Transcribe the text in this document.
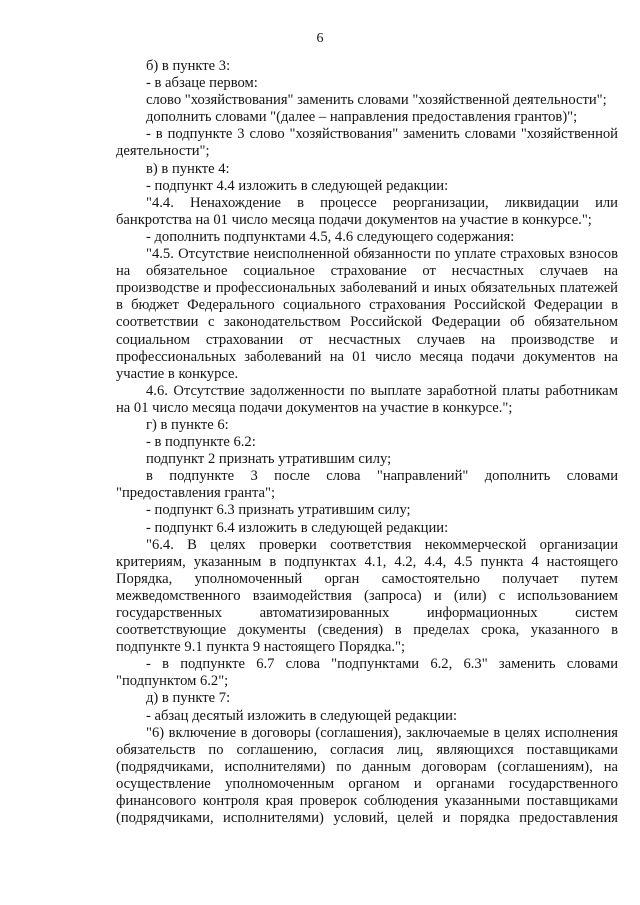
6

б) в пункте 3:

- в абзаце первом:

слово "хозяйствования" заменить словами "хозяйственной деятельности";

дополнить словами "(далее – направления предоставления грантов)";

- в подпункте 3 слово "хозяйствования" заменить словами "хозяйственной деятельности";

в) в пункте 4:

- подпункт 4.4 изложить в следующей редакции:

"4.4. Ненахождение в процессе реорганизации, ликвидации или банкротства на 01 число месяца подачи документов на участие в конкурсе.";

- дополнить подпунктами 4.5, 4.6 следующего содержания:

"4.5. Отсутствие неисполненной обязанности по уплате страховых взносов на обязательное социальное страхование от несчастных случаев на производстве и профессиональных заболеваний и иных обязательных платежей в бюджет Федерального социального страхования Российской Федерации в соответствии с законодательством Российской Федерации об обязательном социальном страховании от несчастных случаев на производстве и профессиональных заболеваний на 01 число месяца подачи документов на участие в конкурсе.

4.6. Отсутствие задолженности по выплате заработной платы работникам на 01 число месяца подачи документов на участие в конкурсе.";

г) в пункте 6:

- в подпункте 6.2:

подпункт 2 признать утратившим силу;

в подпункте 3 после слова "направлений" дополнить словами "предоставления гранта";

- подпункт 6.3 признать утратившим силу;

- подпункт 6.4 изложить в следующей редакции:

"6.4. В целях проверки соответствия некоммерческой организации критериям, указанным в подпунктах 4.1, 4.2, 4.4, 4.5 пункта 4 настоящего Порядка, уполномоченный орган самостоятельно получает путем межведомственного взаимодействия (запроса) и (или) с использованием государственных автоматизированных информационных систем соответствующие документы (сведения) в пределах срока, указанного в подпункте 9.1 пункта 9 настоящего Порядка.";

- в подпункте 6.7 слова "подпунктами 6.2, 6.3" заменить словами "подпунктом 6.2";

д) в пункте 7:

- абзац десятый изложить в следующей редакции:

"6) включение в договоры (соглашения), заключаемые в целях исполнения обязательств по соглашению, согласия лиц, являющихся поставщиками (подрядчиками, исполнителями) по данным договорам (соглашениям), на осуществление уполномоченным органом и органами государственного финансового контроля края проверок соблюдения указанными поставщиками (подрядчиками, исполнителями) условий, целей и порядка предоставления
